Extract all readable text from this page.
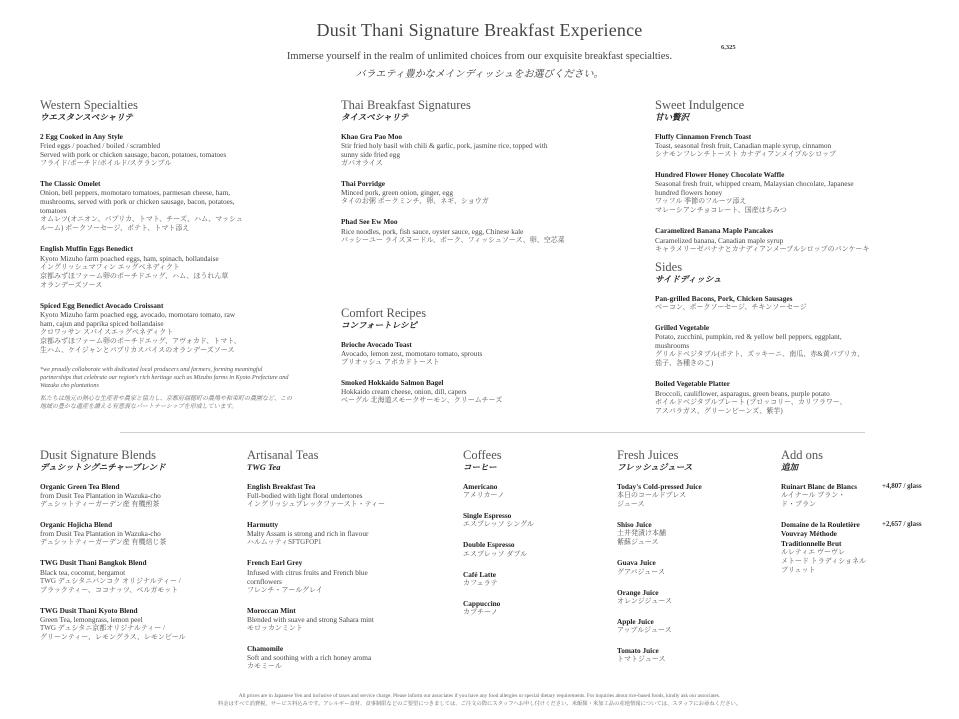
Dusit Thani Signature Breakfast Experience
Immerse yourself in the realm of unlimited choices from our exquisite breakfast specialties.
6,325
バラエティ豊かなメインディッシュをお選びください。
Western Specialties
ウエスタンスペシャリテ
2 Egg Cooked in Any Style
Fried eggs / poached / boiled / scrambled
Served with pork or chicken sausage, bacon, potatoes, tomatoes
フライド/ポーチド/ボイルド/スクランブル
The Classic Omelet
Onion, bell peppers, momotaro tomatoes, parmesan cheese, ham,
mushrooms, served with pork or chicken sausage, bacon, potatoes,
tomatoes
オムレツ(オニオン、パプリカ、トマト、チーズ、ハム、マッシュ
ルーム) ポークソーセージ、ポテト、トマト添え
English Muffin Eggs Benedict
Kyoto Mizuho farm poached eggs, ham, spinach, hollandaise
イングリッシュマフィン エッグベネディクト
京都みずほファーム卵のポーチドエッグ、ハム、ほうれん草
オランデーズソース
Spiced Egg Benedict Avocado Croissant
Kyoto Mizuho farm poached egg, avocado, momotaro tomato, raw
ham, cajun and paprika spiced hollandaise
クロワッサン スパイスエッグベネディクト
京都みずほファーム卵のポーチドエッグ、アヴォカド、トマト、
生ハム、ケイジャンとパプリカスパイスのオランデーズソース
*we proudly collaborate with dedicated local producers and farmers, forming meaningful partnerships that celebrate our region's rich heritage such as Mizuho farms in Kyoto Prefecture and Wazuka cho plantations
私たちは地元の熱心な生産者や農家と協力し、京都府瑞穂町の農場や和束町の農園など、この地域の豊かな遺産を讃える有意義なパートナーシップを形成しています。
Thai Breakfast Signatures
タイスペシャリテ
Khao Gra Pao Moo
Stir fried holy basil with chili & garlic, pork, jasmine rice, topped with
sunny side fried egg
ガパオライス
Thai Porridge
Minced pork, green onion, ginger, egg
タイのお粥 ポークミンチ、卵、ネギ、ショウガ
Phad See Ew Moo
Rice noodles, pork, fish sauce, oyster sauce, egg, Chinese kale
パッシーユー ライスヌードル、ポーク、フィッシュソース、卵、空芯菜
Comfort Recipes
コンフォートレシピ
Brioche Avocado Toast
Avocado, lemon zest, momotaro tomato, sprouts
ブリオッシュ アボカドトースト
Smoked Hokkaido Salmon Bagel
Hokkaido cream cheese, onion, dill, capers
ベーグル 北海道スモークサーモン、クリームチーズ
Sweet Indulgence
甘い贅沢
Fluffy Cinnamon French Toast
Toast, seasonal fresh fruit, Canadian maple syrup, cinnamon
シナモンフレンチトースト カナディアンメイプルシロップ
Hundred Flower Honey Chocolate Waffle
Seasonal fresh fruit, whipped cream, Malaysian chocolate, Japanese
hundred flowers honey
ワッフル 季節のフルーツ添え
マレーシアンチョコレート、国産はちみつ
Caramelized Banana Maple Pancakes
Caramelized banana, Canadian maple syrup
キャラメリーゼバナナとカナディアンメープルシロップのパンケーキ
Sides
サイドディッシュ
Pan-grilled Bacons, Pork, Chicken Sausages
ベーコン、ポークソーセージ、チキンソーセージ
Grilled Vegetable
Potato, zucchini, pumpkin, red & yellow bell peppers, eggplant,
mushrooms
グリルドベジタブル(ポテト、ズッキーニ、南瓜、赤&黄パプリカ、
茄子、各種きのこ)
Boiled Vegetable Platter
Broccoli, cauliflower, asparagus, green beans, purple potato
ボイルドベジタブルプレート (ブロッコリー、カリフラワー、
アスパラガス、グリーンビーンズ、紫芋)
Dusit Signature Blends
デュシットシグニチャーブレンド
Organic Green Tea Blend
from Dusit Tea Plantation in Wazuka-cho
デュシットティーガーデン産 有機煎茶
Organic Hojicha Blend
from Dusit Tea Plantation in Wazuka-cho
デュシットティーガーデン産 有機焙じ茶
TWG Dusit Thani Bangkok Blend
Black tea, coconut, bergamot
TWG デュシタニバンコク オリジナルティー /
ブラックティー、ココナッツ、ベルガモット
TWG Dusit Thani Kyoto Blend
Green Tea, lemongrass, lemon peel
TWG デュシタニ京都オリジナルティー /
グリーンティー、レモングラス、レモンピール
Artisanal Teas
TWG Tea
English Breakfast Tea
Full-bodied with light floral undertones
イングリッシュブレックファースト・ティー
Harmutty
Malty Assam is strong and rich in flavour
ハルムッティSFTGFOP1
French Earl Grey
Infused with citrus fruits and French blue
cornflowers
フレンチ・アールグレイ
Moroccan Mint
Blended with suave and strong Sahara mint
モロッカンミント
Chamomile
Soft and soothing with a rich honey aroma
カモミール
Coffees
コーヒー
Americano
アメリカーノ
Single Espresso
エスプレッソ シングル
Double Espresso
エスプレッソ ダブル
Café Latte
カフェラテ
Cappuccino
カプチーノ
Fresh Juices
フレッシュジュース
Today's Cold-pressed Juice
本日のコールドプレス
ジュース
Shiso Juice
土井発漬け本舗
紫蘇ジュース
Guava Juice
グアバジュース
Orange Juice
オレンジジュース
Apple Juice
アップルジュース
Tomato Juice
トマトジュース
Add ons
追加
Ruinart Blanc de Blancs
ルイナール ブラン・
ド・ブラン
+4,807 / glass
Domaine de la Rouletière Vouvray Méthode Traditionnelle Brut
ルレティエ ヴーヴレ
メトード トラディショネル
ブリュット
+2,657 / glass
All prices are in Japanese Yen and inclusive of taxes and service charge. Please inform our associates if you have any food allergies or special dietary requirements. For inquiries about rice-based foods, kindly ask our associates.
料金はすべて消費税、サービス料込みです。アレルギー食材、食事制限などのご要望につきましては、ご注文の際にスタッフへお申し付けください。米飯類・米加工品の産地情報については、スタッフにお尋ねください。
